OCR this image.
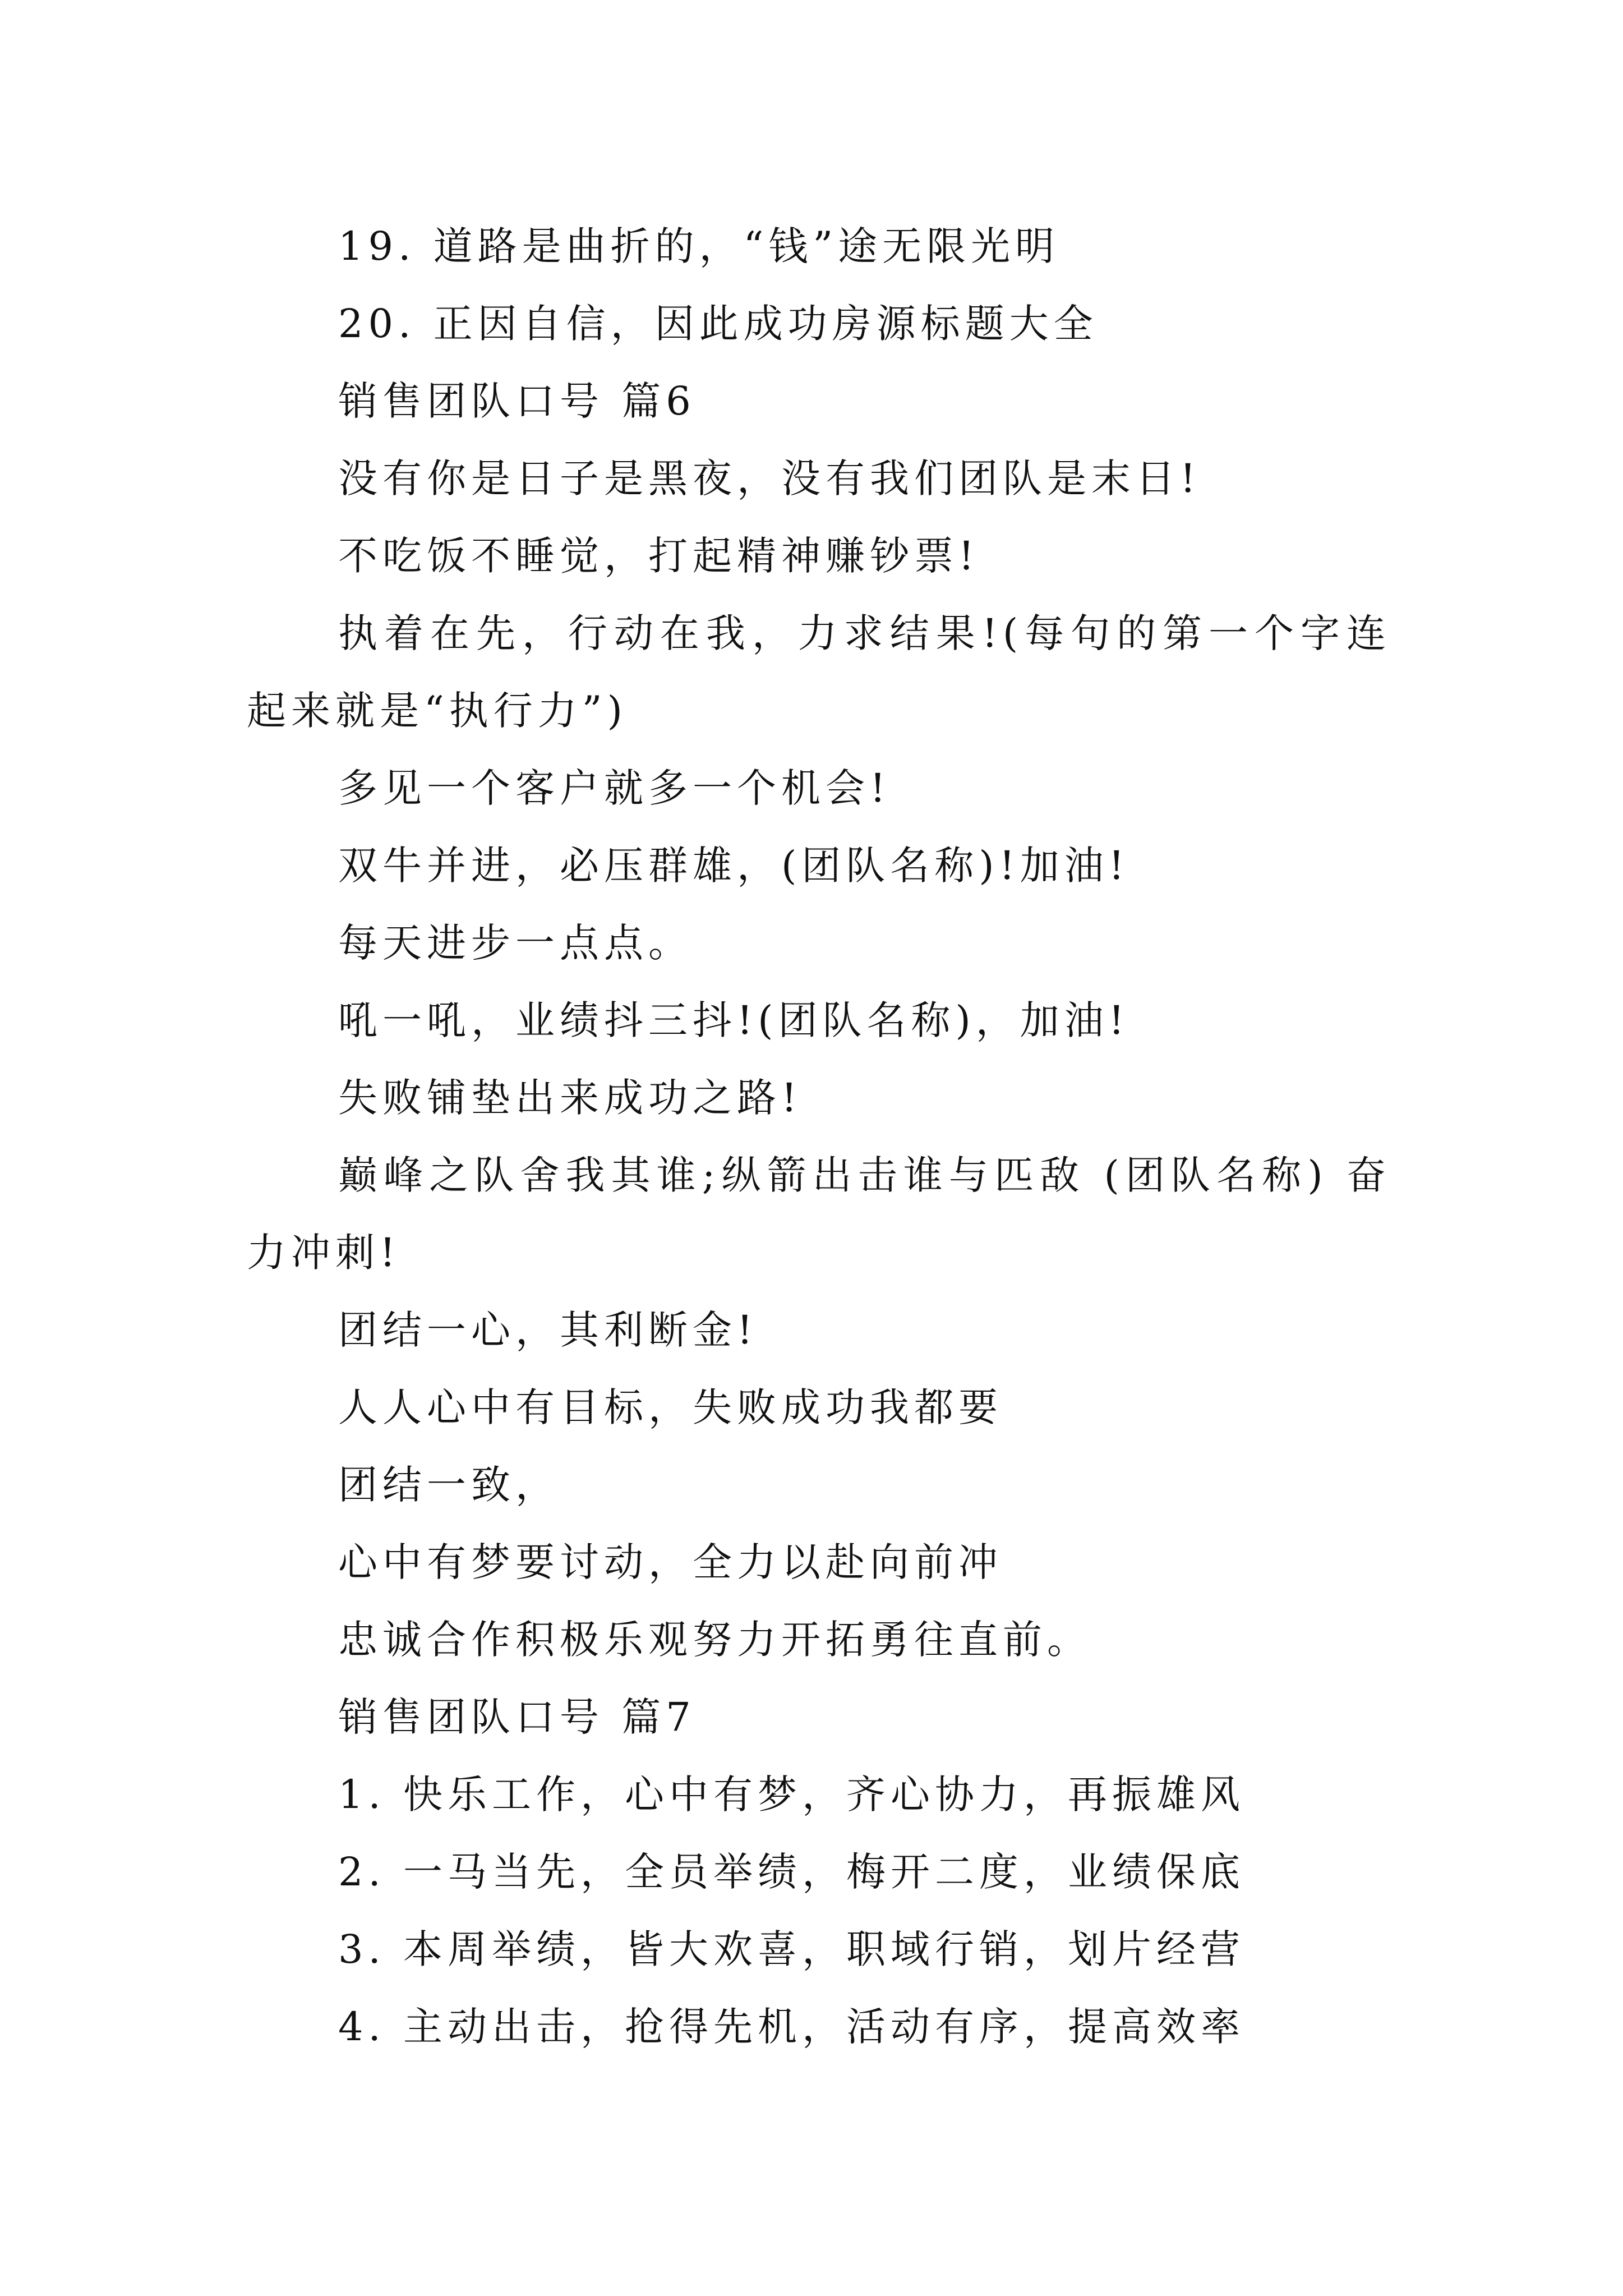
19. 道路是曲折的，“钱”途无限光明
20. 正因自信，因此成功房源标题大全
销售团队口号 篇6
没有你是日子是黑夜，没有我们团队是末日!
不吃饭不睡觉，打起精神赚钞票!
执着在先，行动在我，力求结果!(每句的第一个字连起来就是“执行力”)
多见一个客户就多一个机会!
双牛并进，必压群雄，(团队名称)!加油!
每天进步一点点。
吼一吼，业绩抖三抖!(团队名称)，加油!
失败铺垫出来成功之路!
巅峰之队舍我其谁;纵箭出击谁与匹敌 (团队名称) 奋力冲刺!
团结一心，其利断金!
人人心中有目标，失败成功我都要
团结一致，
心中有梦要讨动，全力以赴向前冲
忠诚合作积极乐观努力开拓勇往直前。
销售团队口号 篇7
1. 快乐工作，心中有梦，齐心协力，再振雄风
2. 一马当先，全员举绩，梅开二度，业绩保底
3. 本周举绩，皆大欢喜，职域行销，划片经营
4. 主动出击，抢得先机，活动有序，提高效率
